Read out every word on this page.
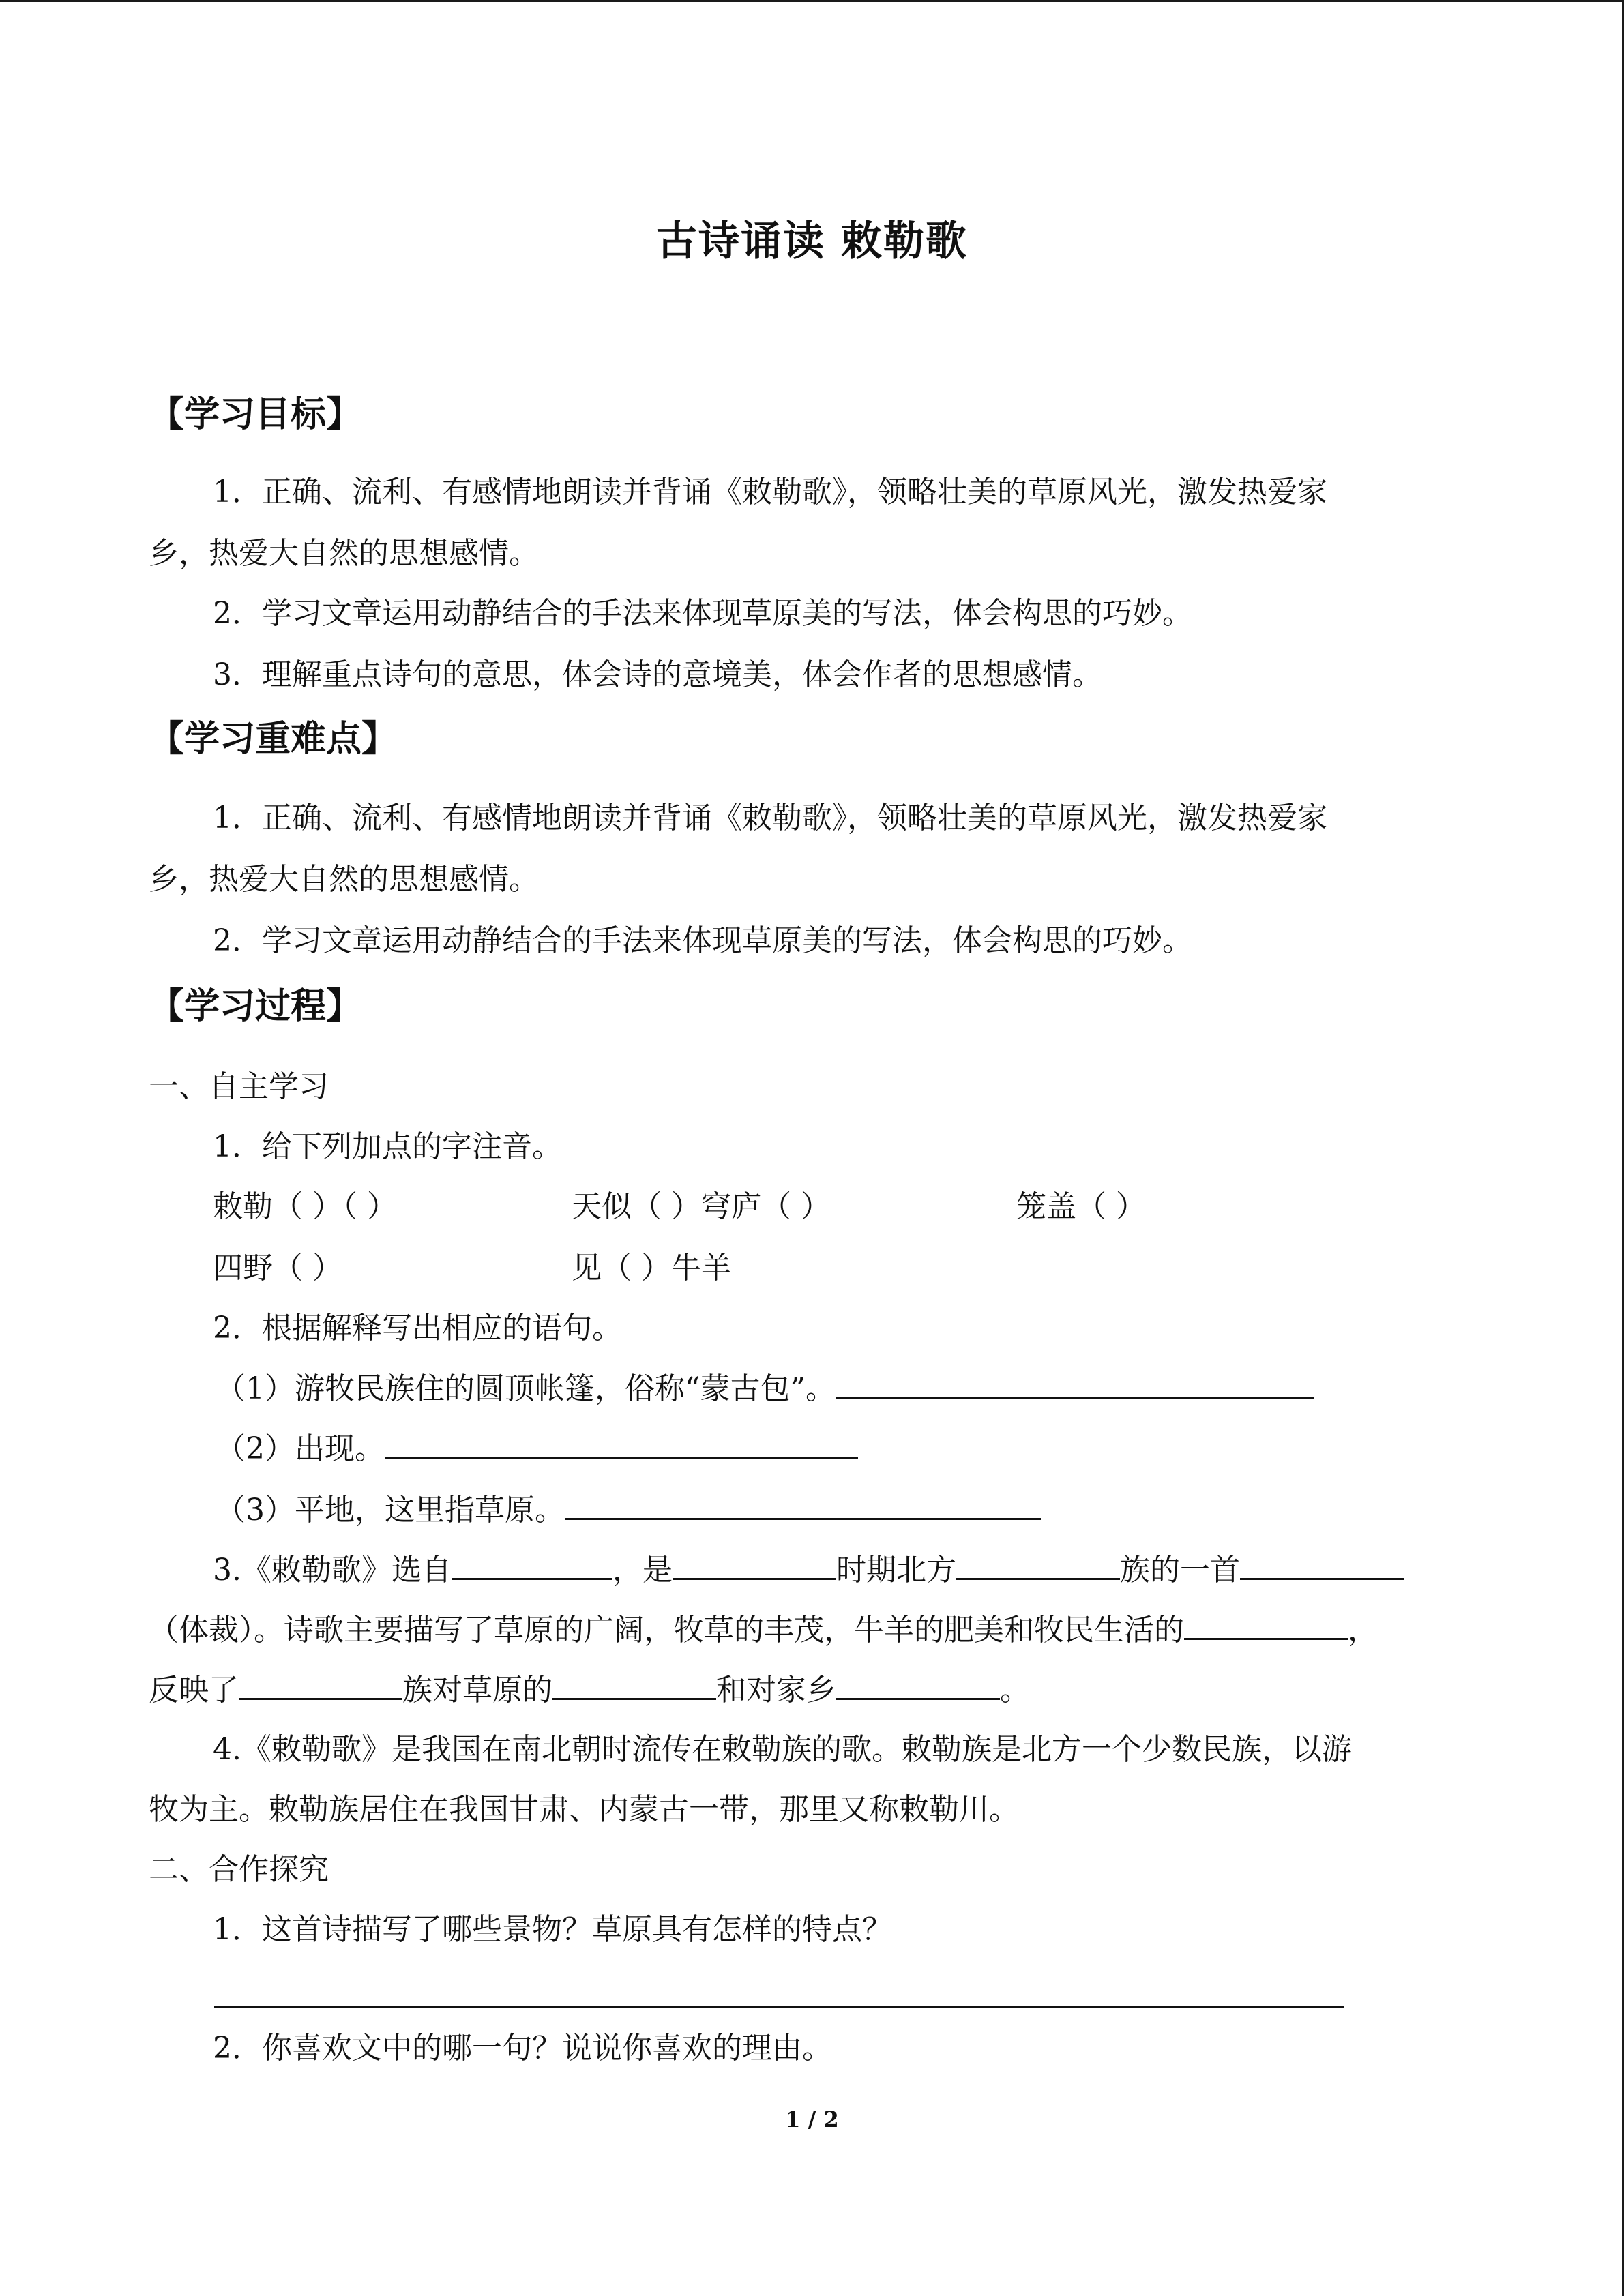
古诗诵读 敕勒歌
【学习目标】
1．正确、流利、有感情地朗读并背诵《敕勒歌》，领略壮美的草原风光，激发热爱家
乡，热爱大自然的思想感情。
2．学习文章运用动静结合的手法来体现草原美的写法，体会构思的巧妙。
3．理解重点诗句的意思，体会诗的意境美，体会作者的思想感情。
【学习重难点】
1．正确、流利、有感情地朗读并背诵《敕勒歌》，领略壮美的草原风光，激发热爱家
乡，热爱大自然的思想感情。
2．学习文章运用动静结合的手法来体现草原美的写法，体会构思的巧妙。
【学习过程】
一、自主学习
1．给下列加点的字注音。
敕勒（ ）（ ）	天似（ ）穹庐（ ）	笼盖（ ）
四野（ ）	见（ ）牛羊
2．根据解释写出相应的语句。
（1）游牧民族住的圆顶帐篷，俗称“蒙古包”。
（2）出现。
（3）平地，这里指草原。
3.《敕勒歌》选自	，是	时期北方	族的一首
（体裁）。诗歌主要描写了草原的广阔，牧草的丰茂，牛羊的肥美和牧民生活的	，
反映了	族对草原的	和对家乡	。
4.《敕勒歌》是我国在南北朝时流传在敕勒族的歌。敕勒族是北方一个少数民族，以游
牧为主。敕勒族居住在我国甘肃、内蒙古一带，那里又称敕勒川。
二、合作探究
1．这首诗描写了哪些景物？草原具有怎样的特点？
2．你喜欢文中的哪一句？说说你喜欢的理由。
1 / 2
